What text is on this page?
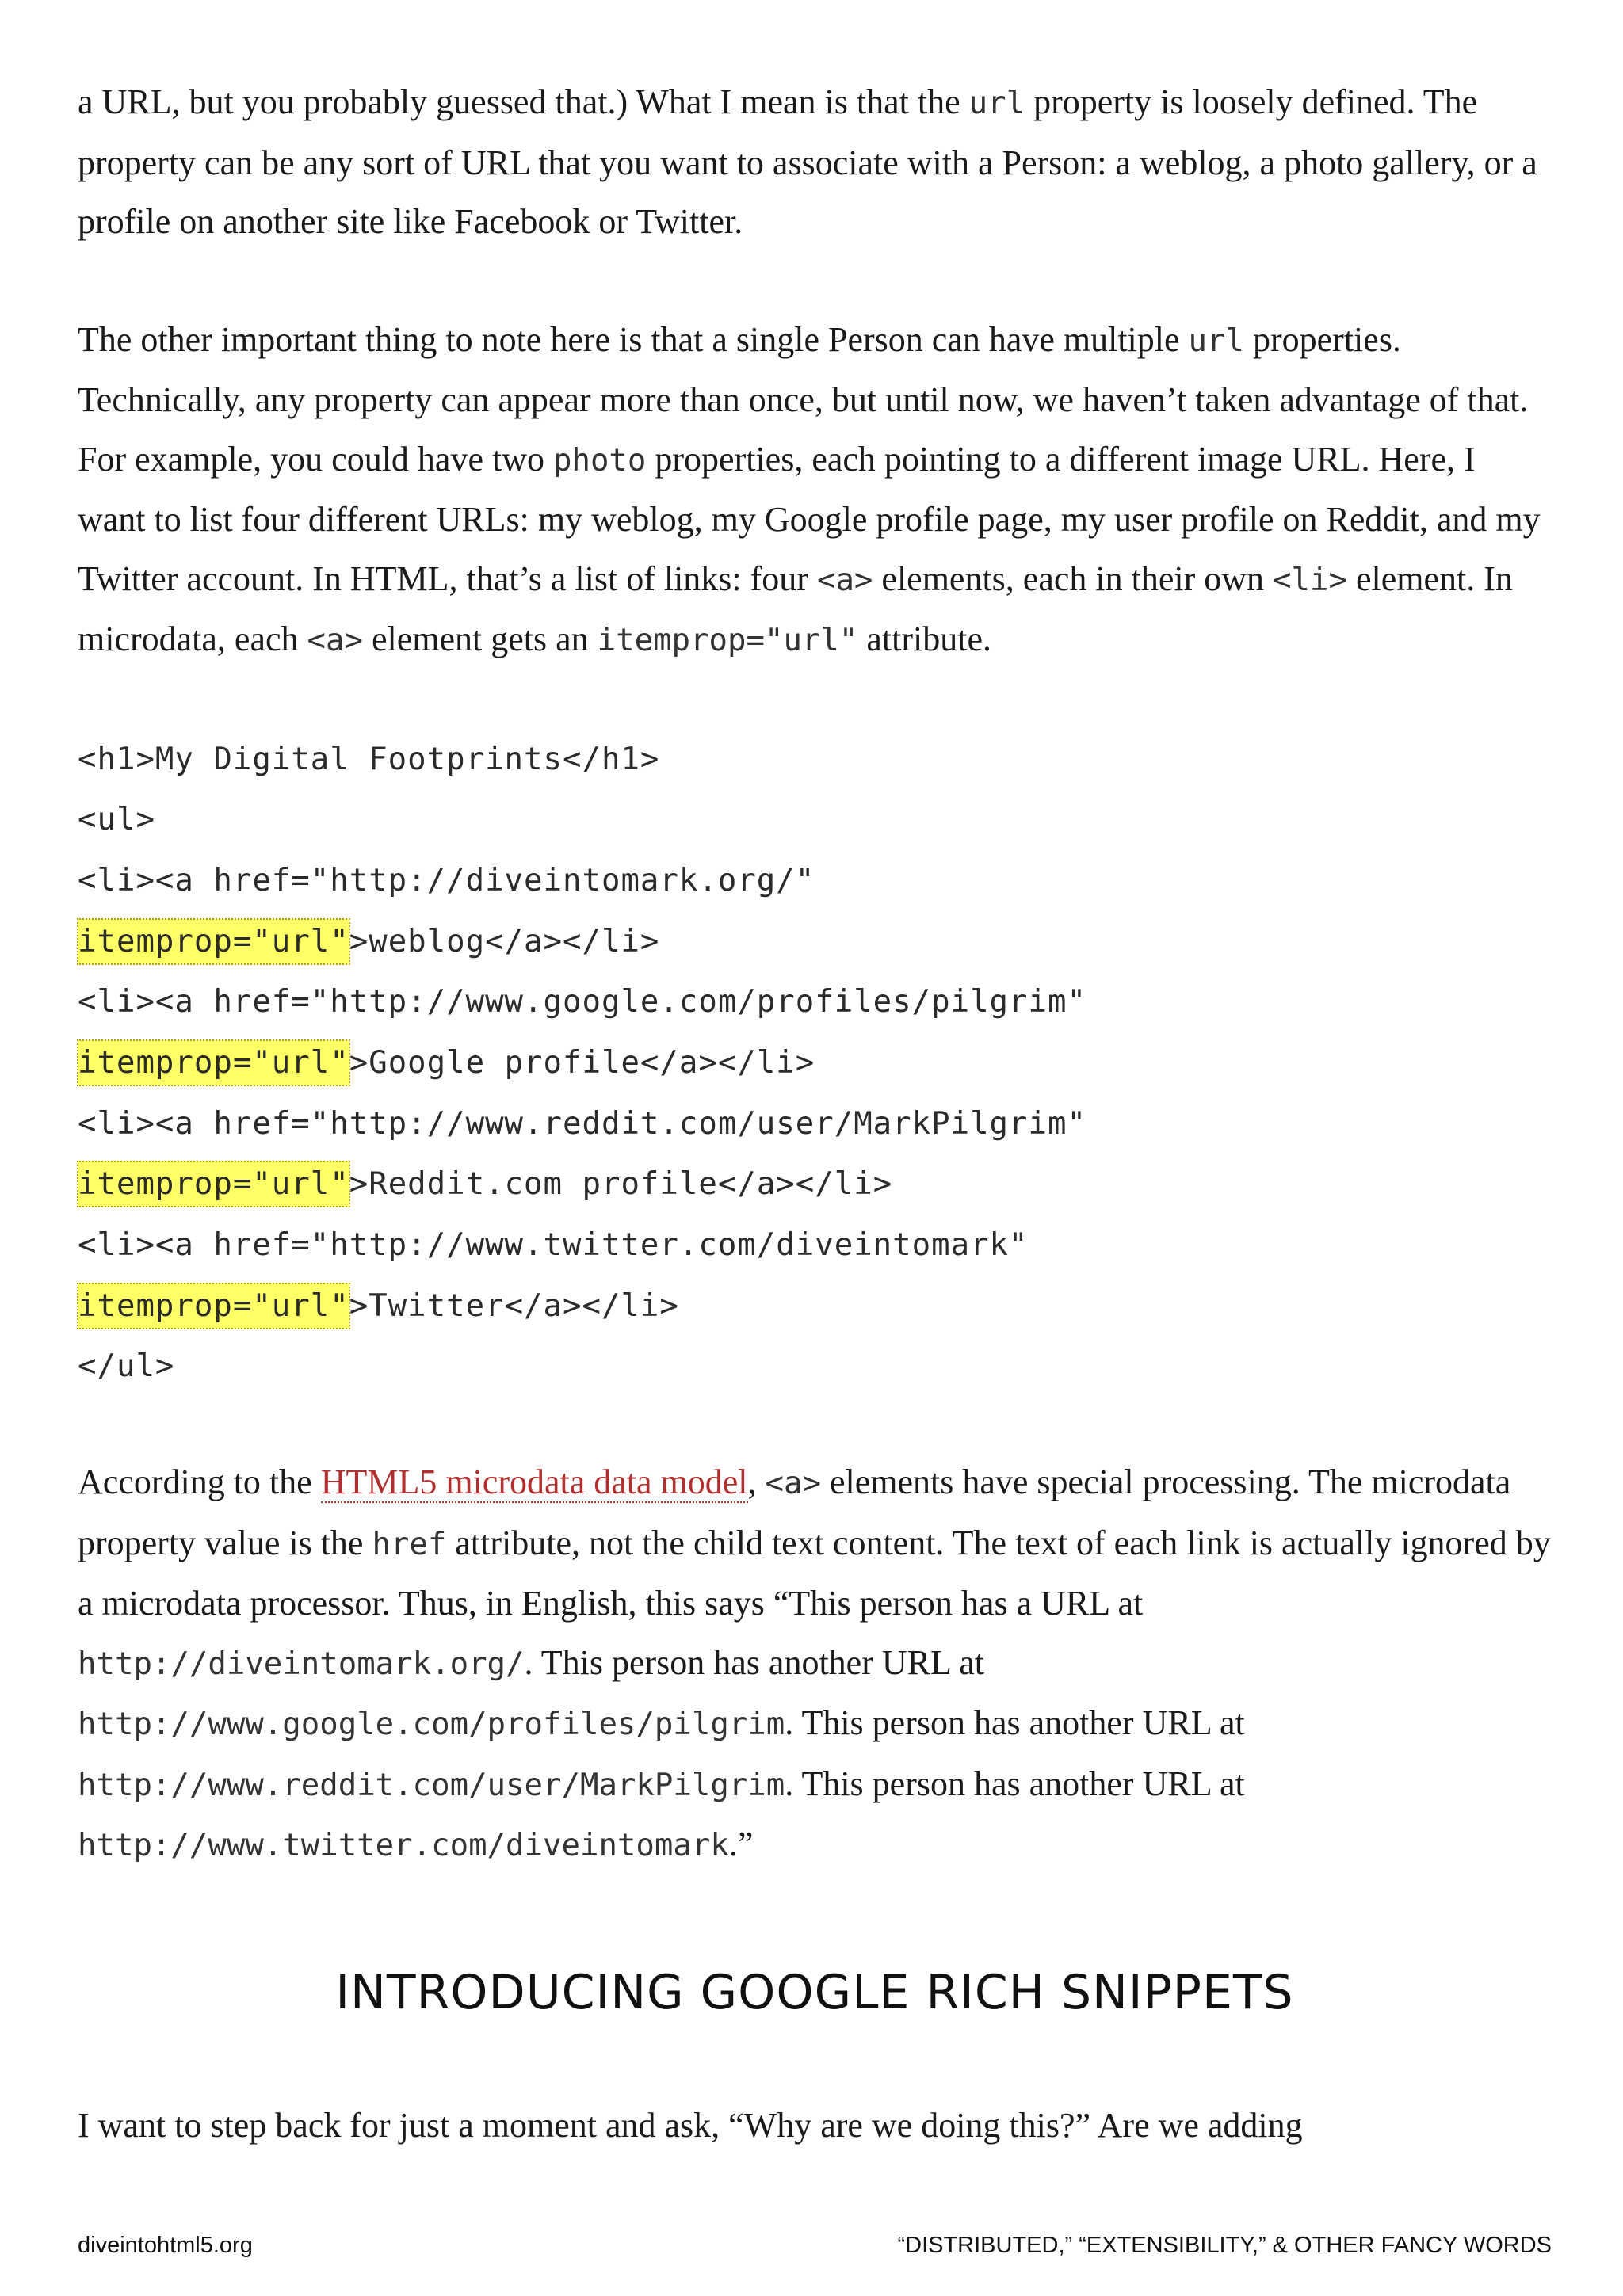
a URL, but you probably guessed that.) What I mean is that the url property is loosely defined. The property can be any sort of URL that you want to associate with a Person: a weblog, a photo gallery, or a profile on another site like Facebook or Twitter.

The other important thing to note here is that a single Person can have multiple url properties. Technically, any property can appear more than once, but until now, we haven’t taken advantage of that. For example, you could have two photo properties, each pointing to a different image URL. Here, I want to list four different URLs: my weblog, my Google profile page, my user profile on Reddit, and my Twitter account. In HTML, that’s a list of links: four <a> elements, each in their own <li> element. In microdata, each <a> element gets an itemprop="url" attribute.

<h1>My Digital Footprints</h1>
<ul>
<li><a href="http://diveintomark.org/"
itemprop="url">weblog</a></li>
<li><a href="http://www.google.com/profiles/pilgrim"
itemprop="url">Google profile</a></li>
<li><a href="http://www.reddit.com/user/MarkPilgrim"
itemprop="url">Reddit.com profile</a></li>
<li><a href="http://www.twitter.com/diveintomark"
itemprop="url">Twitter</a></li>
</ul>

According to the HTML5 microdata data model, <a> elements have special processing. The microdata property value is the href attribute, not the child text content. The text of each link is actually ignored by a microdata processor. Thus, in English, this says “This person has a URL at http://diveintomark.org/. This person has another URL at http://www.google.com/profiles/pilgrim. This person has another URL at http://www.reddit.com/user/MarkPilgrim. This person has another URL at http://www.twitter.com/diveintomark.”

INTRODUCING GOOGLE RICH SNIPPETS

I want to step back for just a moment and ask, “Why are we doing this?” Are we adding

diveintohtml5.org	“DISTRIBUTED,” “EXTENSIBILITY,” & OTHER FANCY WORDS
